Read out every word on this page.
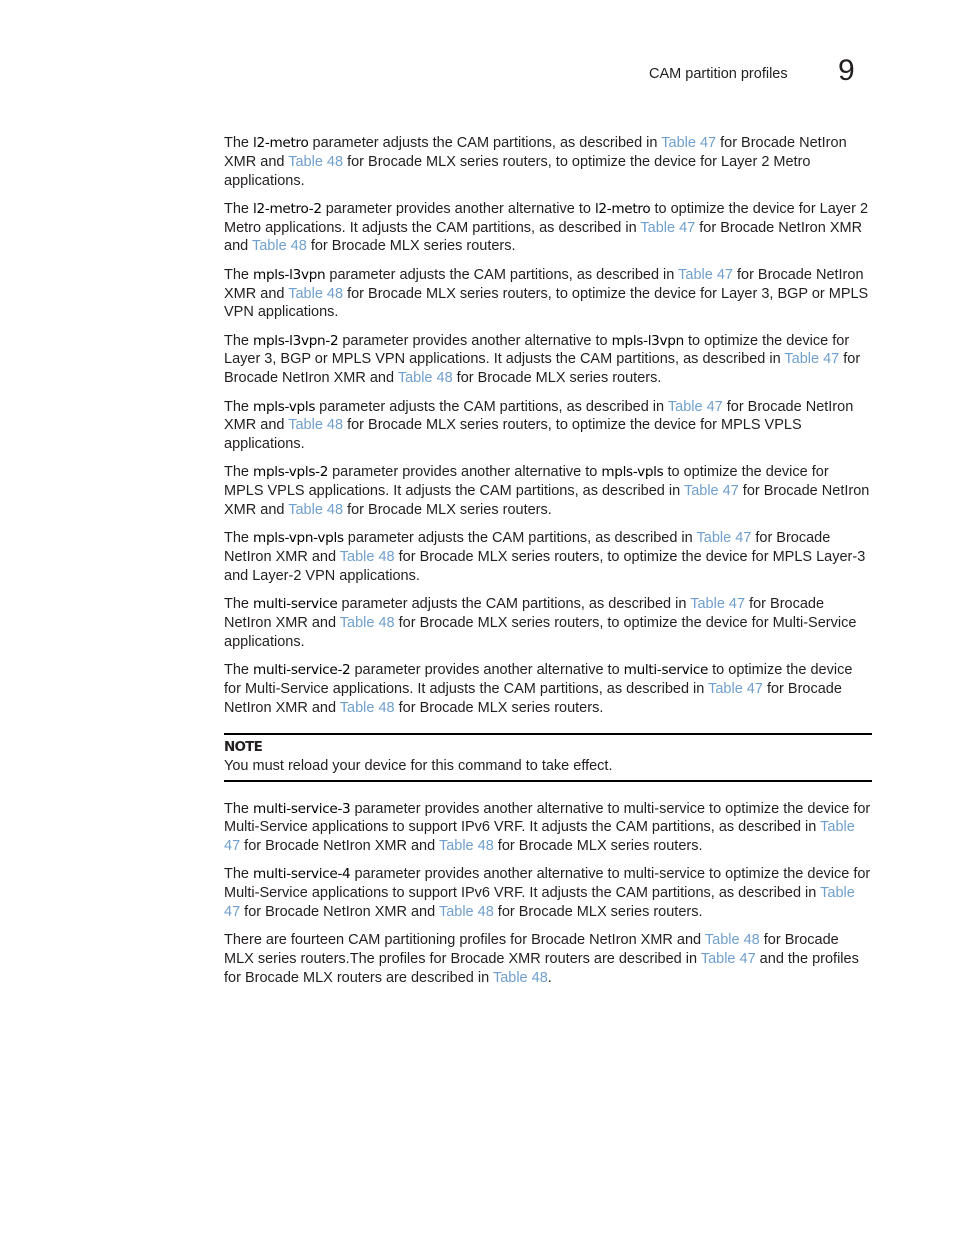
CAM partition profiles 9

The l2-metro parameter adjusts the CAM partitions, as described in Table 47 for Brocade NetIron XMR and Table 48 for Brocade MLX series routers, to optimize the device for Layer 2 Metro applications.

The l2-metro-2 parameter provides another alternative to l2-metro to optimize the device for Layer 2 Metro applications. It adjusts the CAM partitions, as described in Table 47 for Brocade NetIron XMR and Table 48 for Brocade MLX series routers.

The mpls-l3vpn parameter adjusts the CAM partitions, as described in Table 47 for Brocade NetIron XMR and Table 48 for Brocade MLX series routers, to optimize the device for Layer 3, BGP or MPLS VPN applications.

The mpls-l3vpn-2 parameter provides another alternative to mpls-l3vpn to optimize the device for Layer 3, BGP or MPLS VPN applications. It adjusts the CAM partitions, as described in Table 47 for Brocade NetIron XMR and Table 48 for Brocade MLX series routers.

The mpls-vpls parameter adjusts the CAM partitions, as described in Table 47 for Brocade NetIron XMR and Table 48 for Brocade MLX series routers, to optimize the device for MPLS VPLS applications.

The mpls-vpls-2 parameter provides another alternative to mpls-vpls to optimize the device for MPLS VPLS applications. It adjusts the CAM partitions, as described in Table 47 for Brocade NetIron XMR and Table 48 for Brocade MLX series routers.

The mpls-vpn-vpls parameter adjusts the CAM partitions, as described in Table 47 for Brocade NetIron XMR and Table 48 for Brocade MLX series routers, to optimize the device for MPLS Layer-3 and Layer-2 VPN applications.

The multi-service parameter adjusts the CAM partitions, as described in Table 47 for Brocade NetIron XMR and Table 48 for Brocade MLX series routers, to optimize the device for Multi-Service applications.

The multi-service-2 parameter provides another alternative to multi-service to optimize the device for Multi-Service applications. It adjusts the CAM partitions, as described in Table 47 for Brocade NetIron XMR and Table 48 for Brocade MLX series routers.

NOTE
You must reload your device for this command to take effect.

The multi-service-3 parameter provides another alternative to multi-service to optimize the device for Multi-Service applications to support IPv6 VRF. It adjusts the CAM partitions, as described in Table 47 for Brocade NetIron XMR and Table 48 for Brocade MLX series routers.

The multi-service-4 parameter provides another alternative to multi-service to optimize the device for Multi-Service applications to support IPv6 VRF. It adjusts the CAM partitions, as described in Table 47 for Brocade NetIron XMR and Table 48 for Brocade MLX series routers.

There are fourteen CAM partitioning profiles for Brocade NetIron XMR and Table 48 for Brocade MLX series routers.The profiles for Brocade XMR routers are described in Table 47 and the profiles for Brocade MLX routers are described in Table 48.
